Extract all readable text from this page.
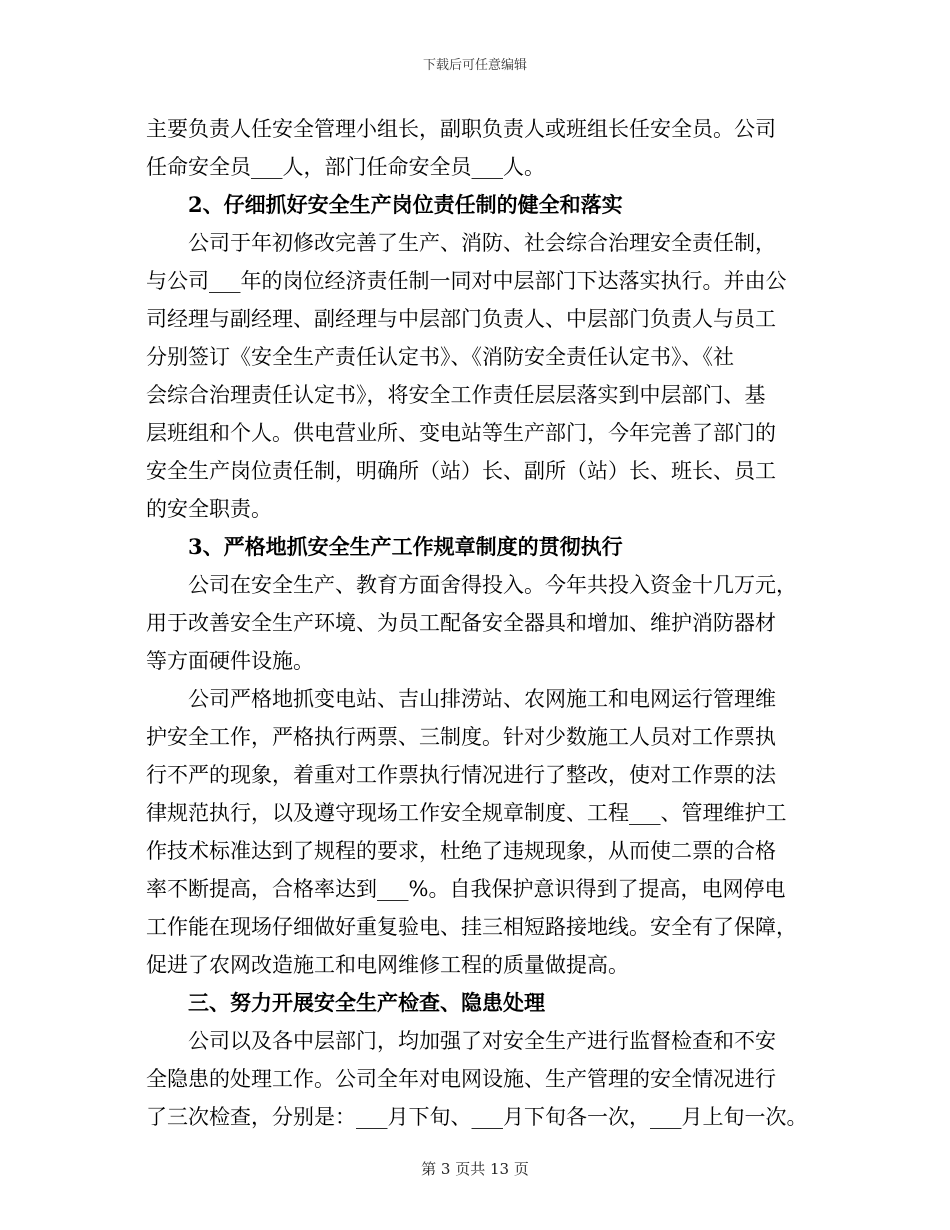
下载后可任意编辑
主要负责人任安全管理小组长，副职负责人或班组长任安全员。公司
任命安全员___人，部门任命安全员___人。
2、仔细抓好安全生产岗位责任制的健全和落实
公司于年初修改完善了生产、消防、社会综合治理安全责任制，
与公司___年的岗位经济责任制一同对中层部门下达落实执行。并由公
司经理与副经理、副经理与中层部门负责人、中层部门负责人与员工
分别签订《安全生产责任认定书》、《消防安全责任认定书》、《社
会综合治理责任认定书》，将安全工作责任层层落实到中层部门、基
层班组和个人。供电营业所、变电站等生产部门，今年完善了部门的
安全生产岗位责任制，明确所（站）长、副所（站）长、班长、员工
的安全职责。
3、严格地抓安全生产工作规章制度的贯彻执行
公司在安全生产、教育方面舍得投入。今年共投入资金十几万元，
用于改善安全生产环境、为员工配备安全器具和增加、维护消防器材
等方面硬件设施。
公司严格地抓变电站、吉山排涝站、农网施工和电网运行管理维
护安全工作，严格执行两票、三制度。针对少数施工人员对工作票执
行不严的现象，着重对工作票执行情况进行了整改，使对工作票的法
律规范执行，以及遵守现场工作安全规章制度、工程___、管理维护工
作技术标准达到了规程的要求，杜绝了违规现象，从而使二票的合格
率不断提高，合格率达到___%。自我保护意识得到了提高，电网停电
工作能在现场仔细做好重复验电、挂三相短路接地线。安全有了保障，
促进了农网改造施工和电网维修工程的质量做提高。
三、努力开展安全生产检查、隐患处理
公司以及各中层部门，均加强了对安全生产进行监督检查和不安
全隐患的处理工作。公司全年对电网设施、生产管理的安全情况进行
了三次检查，分别是：___月下旬、___月下旬各一次，___月上旬一次。
第 3 页共 13 页
